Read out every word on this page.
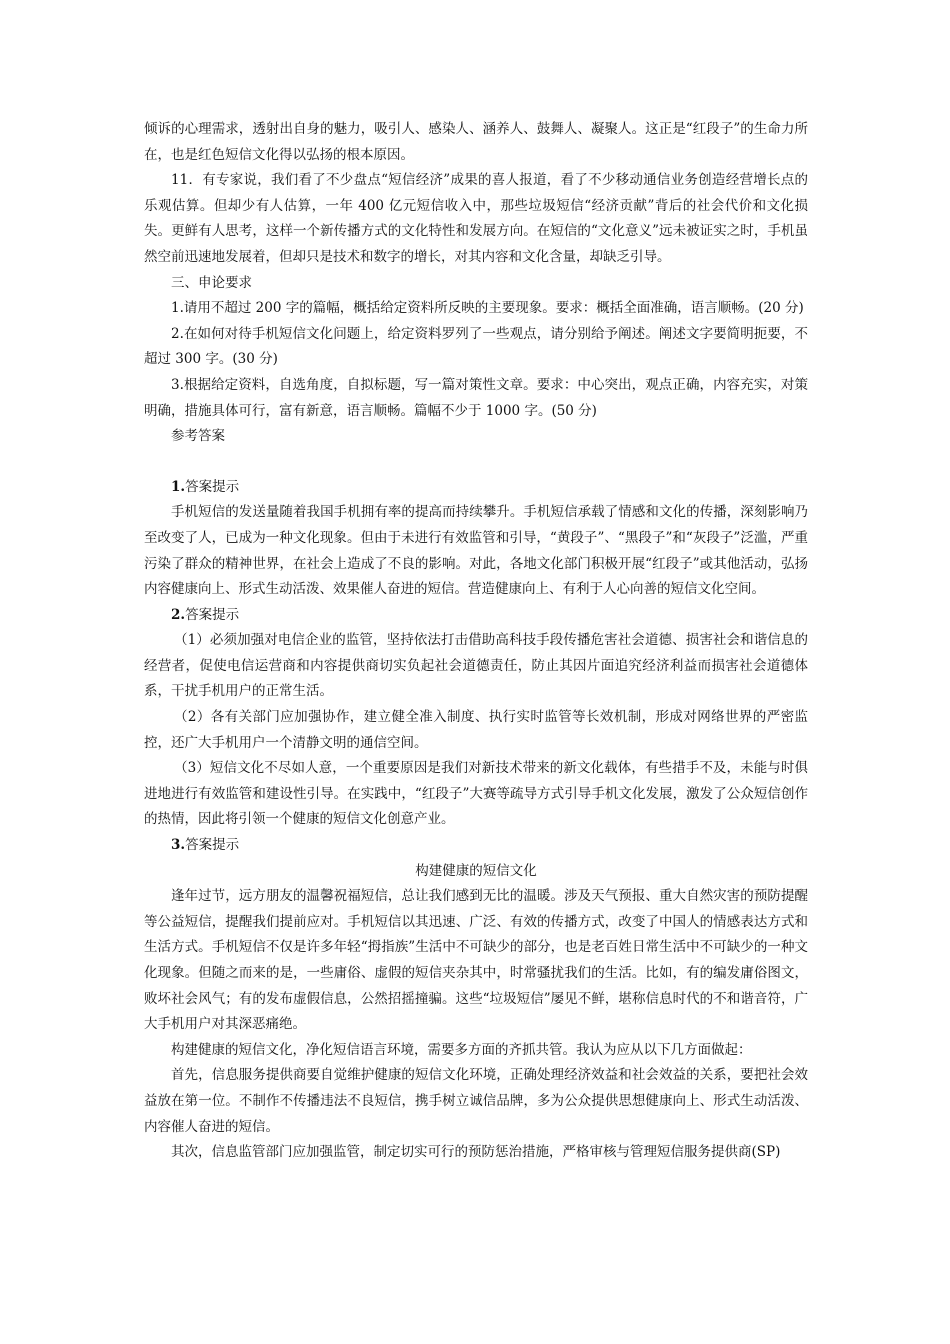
倾诉的心理需求，透射出自身的魅力，吸引人、感染人、涵养人、鼓舞人、凝聚人。这正是“红段子”的生命力所在，也是红色短信文化得以弘扬的根本原因。

11．有专家说，我们看了不少盘点“短信经济”成果的喜人报道，看了不少移动通信业务创造经营增长点的乐观估算。但却少有人估算，一年 400 亿元短信收入中，那些垃圾短信“经济贡献”背后的社会代价和文化损失。更鲜有人思考，这样一个新传播方式的文化特性和发展方向。在短信的“文化意义”远未被证实之时，手机虽然空前迅速地发展着，但却只是技术和数字的增长，对其内容和文化含量，却缺乏引导。

三、申论要求

1.请用不超过 200 字的篇幅，概括给定资料所反映的主要现象。要求：概括全面准确，语言顺畅。(20 分)

2.在如何对待手机短信文化问题上，给定资料罗列了一些观点，请分别给予阐述。阐述文字要简明扼要，不超过 300 字。(30 分)

3.根据给定资料，自选角度，自拟标题，写一篇对策性文章。要求：中心突出，观点正确，内容充实，对策明确，措施具体可行，富有新意，语言顺畅。篇幅不少于 1000 字。(50 分)

参考答案

1.答案提示

手机短信的发送量随着我国手机拥有率的提高而持续攀升。手机短信承载了情感和文化的传播，深刻影响乃至改变了人，已成为一种文化现象。但由于未进行有效监管和引导，“黄段子”、“黑段子”和“灰段子”泛滥，严重污染了群众的精神世界，在社会上造成了不良的影响。对此，各地文化部门积极开展“红段子”或其他活动，弘扬内容健康向上、形式生动活泼、效果催人奋进的短信。营造健康向上、有利于人心向善的短信文化空间。

2.答案提示

（1）必须加强对电信企业的监管，坚持依法打击借助高科技手段传播危害社会道德、损害社会和谐信息的经营者，促使电信运营商和内容提供商切实负起社会道德责任，防止其因片面追究经济利益而损害社会道德体系，干扰手机用户的正常生活。

（2）各有关部门应加强协作，建立健全准入制度、执行实时监管等长效机制，形成对网络世界的严密监控，还广大手机用户一个清静文明的通信空间。

（3）短信文化不尽如人意，一个重要原因是我们对新技术带来的新文化载体，有些措手不及，未能与时俱进地进行有效监管和建设性引导。在实践中，“红段子”大赛等疏导方式引导手机文化发展，激发了公众短信创作的热情，因此将引领一个健康的短信文化创意产业。

3.答案提示

构建健康的短信文化

逢年过节，远方朋友的温馨祝福短信，总让我们感到无比的温暖。涉及天气预报、重大自然灾害的预防提醒等公益短信，提醒我们提前应对。手机短信以其迅速、广泛、有效的传播方式，改变了中国人的情感表达方式和生活方式。手机短信不仅是许多年轻“拇指族”生活中不可缺少的部分，也是老百姓日常生活中不可缺少的一种文化现象。但随之而来的是，一些庸俗、虚假的短信夹杂其中，时常骚扰我们的生活。比如，有的编发庸俗图文，败坏社会风气；有的发布虚假信息，公然招摇撞骗。这些“垃圾短信”屡见不鲜，堪称信息时代的不和谐音符，广大手机用户对其深恶痛绝。

构建健康的短信文化，净化短信语言环境，需要多方面的齐抓共管。我认为应从以下几方面做起：

首先，信息服务提供商要自觉维护健康的短信文化环境，正确处理经济效益和社会效益的关系，要把社会效益放在第一位。不制作不传播违法不良短信，携手树立诚信品牌，多为公众提供思想健康向上、形式生动活泼、内容催人奋进的短信。

其次，信息监管部门应加强监管，制定切实可行的预防惩治措施，严格审核与管理短信服务提供商(SP)
